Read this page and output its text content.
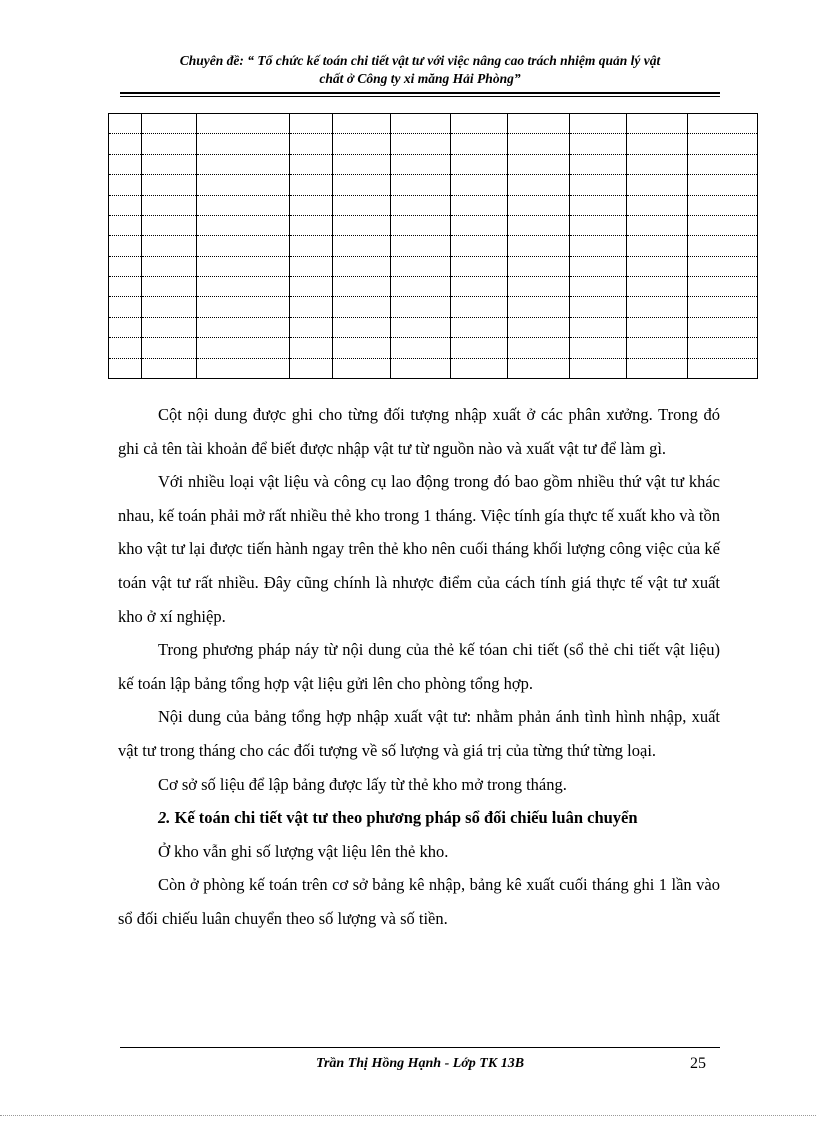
Chuyên đề: “ Tổ chức kế toán chi tiết vật tư với việc nâng cao trách nhiệm quản lý vật
chất ở Công ty xi măng Hải Phòng”

Cột nội dung được ghi cho từng đối tượng nhập xuất ở các phân xưởng. Trong đó ghi cả tên tài khoản để biết được nhập vật tư từ nguồn nào và xuất vật tư để làm gì.

Với nhiều loại vật liệu và công cụ lao động trong đó bao gồm nhiều thứ vật tư khác nhau, kế toán phải mở rất nhiều thẻ kho trong 1 tháng. Việc tính gía thực tế xuất kho và tồn kho vật tư lại được tiến hành ngay trên thẻ kho nên cuối tháng khối lượng công việc của kế toán vật tư rất nhiều. Đây cũng chính là nhược điểm của cách tính giá thực tế vật tư xuất kho ở xí nghiệp.

Trong phương pháp náy từ nội dung của thẻ kế tóan chi tiết (sổ thẻ chi tiết vật liệu) kế toán lập bảng tổng hợp vật liệu gửi lên cho phòng tổng hợp.

Nội dung của bảng tổng hợp nhập xuất vật tư: nhằm phản ánh tình hình nhập, xuất vật tư trong tháng cho các đối tượng về số lượng và giá trị của từng thứ từng loại.

Cơ sở số liệu để lập bảng được lấy từ thẻ kho mở trong tháng.

2. Kế toán chi tiết vật tư theo phương pháp sổ đối chiếu luân chuyển

Ở kho vẫn ghi số lượng vật liệu lên thẻ kho.

Còn ở phòng kế toán trên cơ sở bảng kê nhập, bảng kê xuất cuối tháng ghi 1 lần vào sổ đối chiếu luân chuyển theo số lượng và số tiền.

Trần Thị Hồng Hạnh - Lớp TK 13B	25
